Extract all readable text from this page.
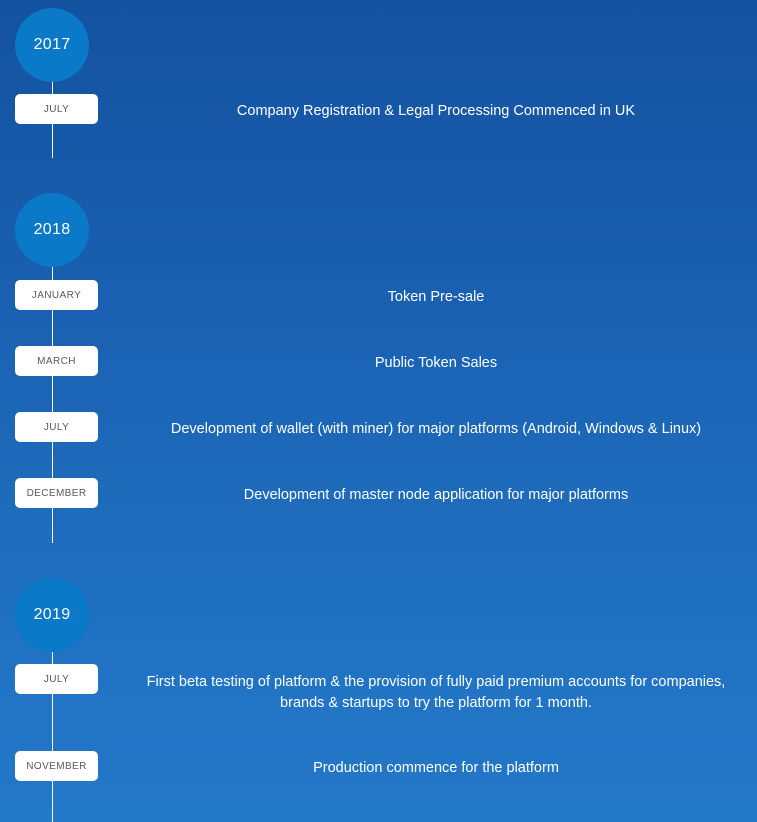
2017
JULY	Company Registration & Legal Processing Commenced in UK
2018
JANUARY	Token Pre-sale
MARCH	Public Token Sales
JULY	Development of wallet (with miner) for major platforms (Android, Windows & Linux)
DECEMBER	Development of master node application for major platforms
2019
JULY	First beta testing of platform & the provision of fully paid premium accounts for companies, brands & startups to try the platform for 1 month.
NOVEMBER	Production commence for the platform
